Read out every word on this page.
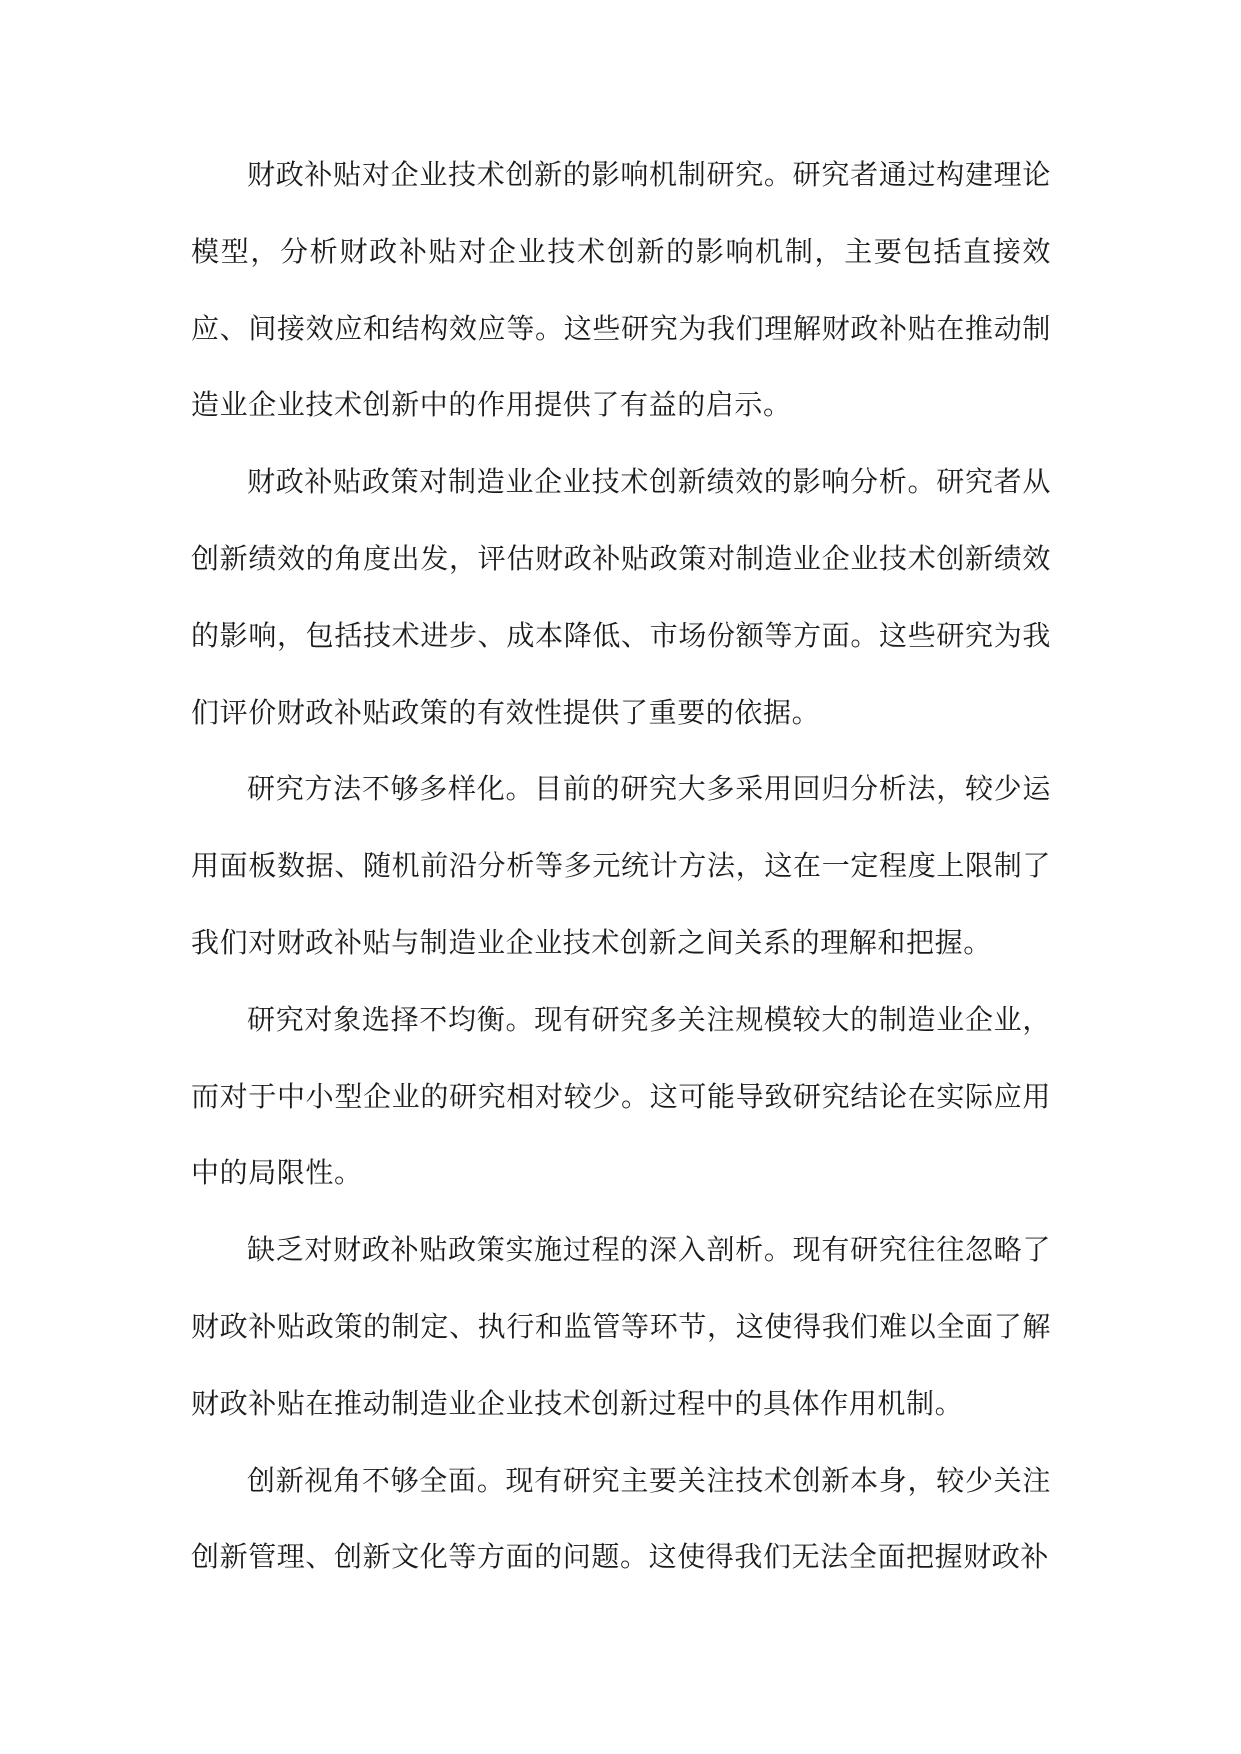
财政补贴对企业技术创新的影响机制研究。研究者通过构建理论模型，分析财政补贴对企业技术创新的影响机制，主要包括直接效应、间接效应和结构效应等。这些研究为我们理解财政补贴在推动制造业企业技术创新中的作用提供了有益的启示。

财政补贴政策对制造业企业技术创新绩效的影响分析。研究者从创新绩效的角度出发，评估财政补贴政策对制造业企业技术创新绩效的影响，包括技术进步、成本降低、市场份额等方面。这些研究为我们评价财政补贴政策的有效性提供了重要的依据。

研究方法不够多样化。目前的研究大多采用回归分析法，较少运用面板数据、随机前沿分析等多元统计方法，这在一定程度上限制了我们对财政补贴与制造业企业技术创新之间关系的理解和把握。

研究对象选择不均衡。现有研究多关注规模较大的制造业企业，而对于中小型企业的研究相对较少。这可能导致研究结论在实际应用中的局限性。

缺乏对财政补贴政策实施过程的深入剖析。现有研究往往忽略了财政补贴政策的制定、执行和监管等环节，这使得我们难以全面了解财政补贴在推动制造业企业技术创新过程中的具体作用机制。

创新视角不够全面。现有研究主要关注技术创新本身，较少关注创新管理、创新文化等方面的问题。这使得我们无法全面把握财政补
